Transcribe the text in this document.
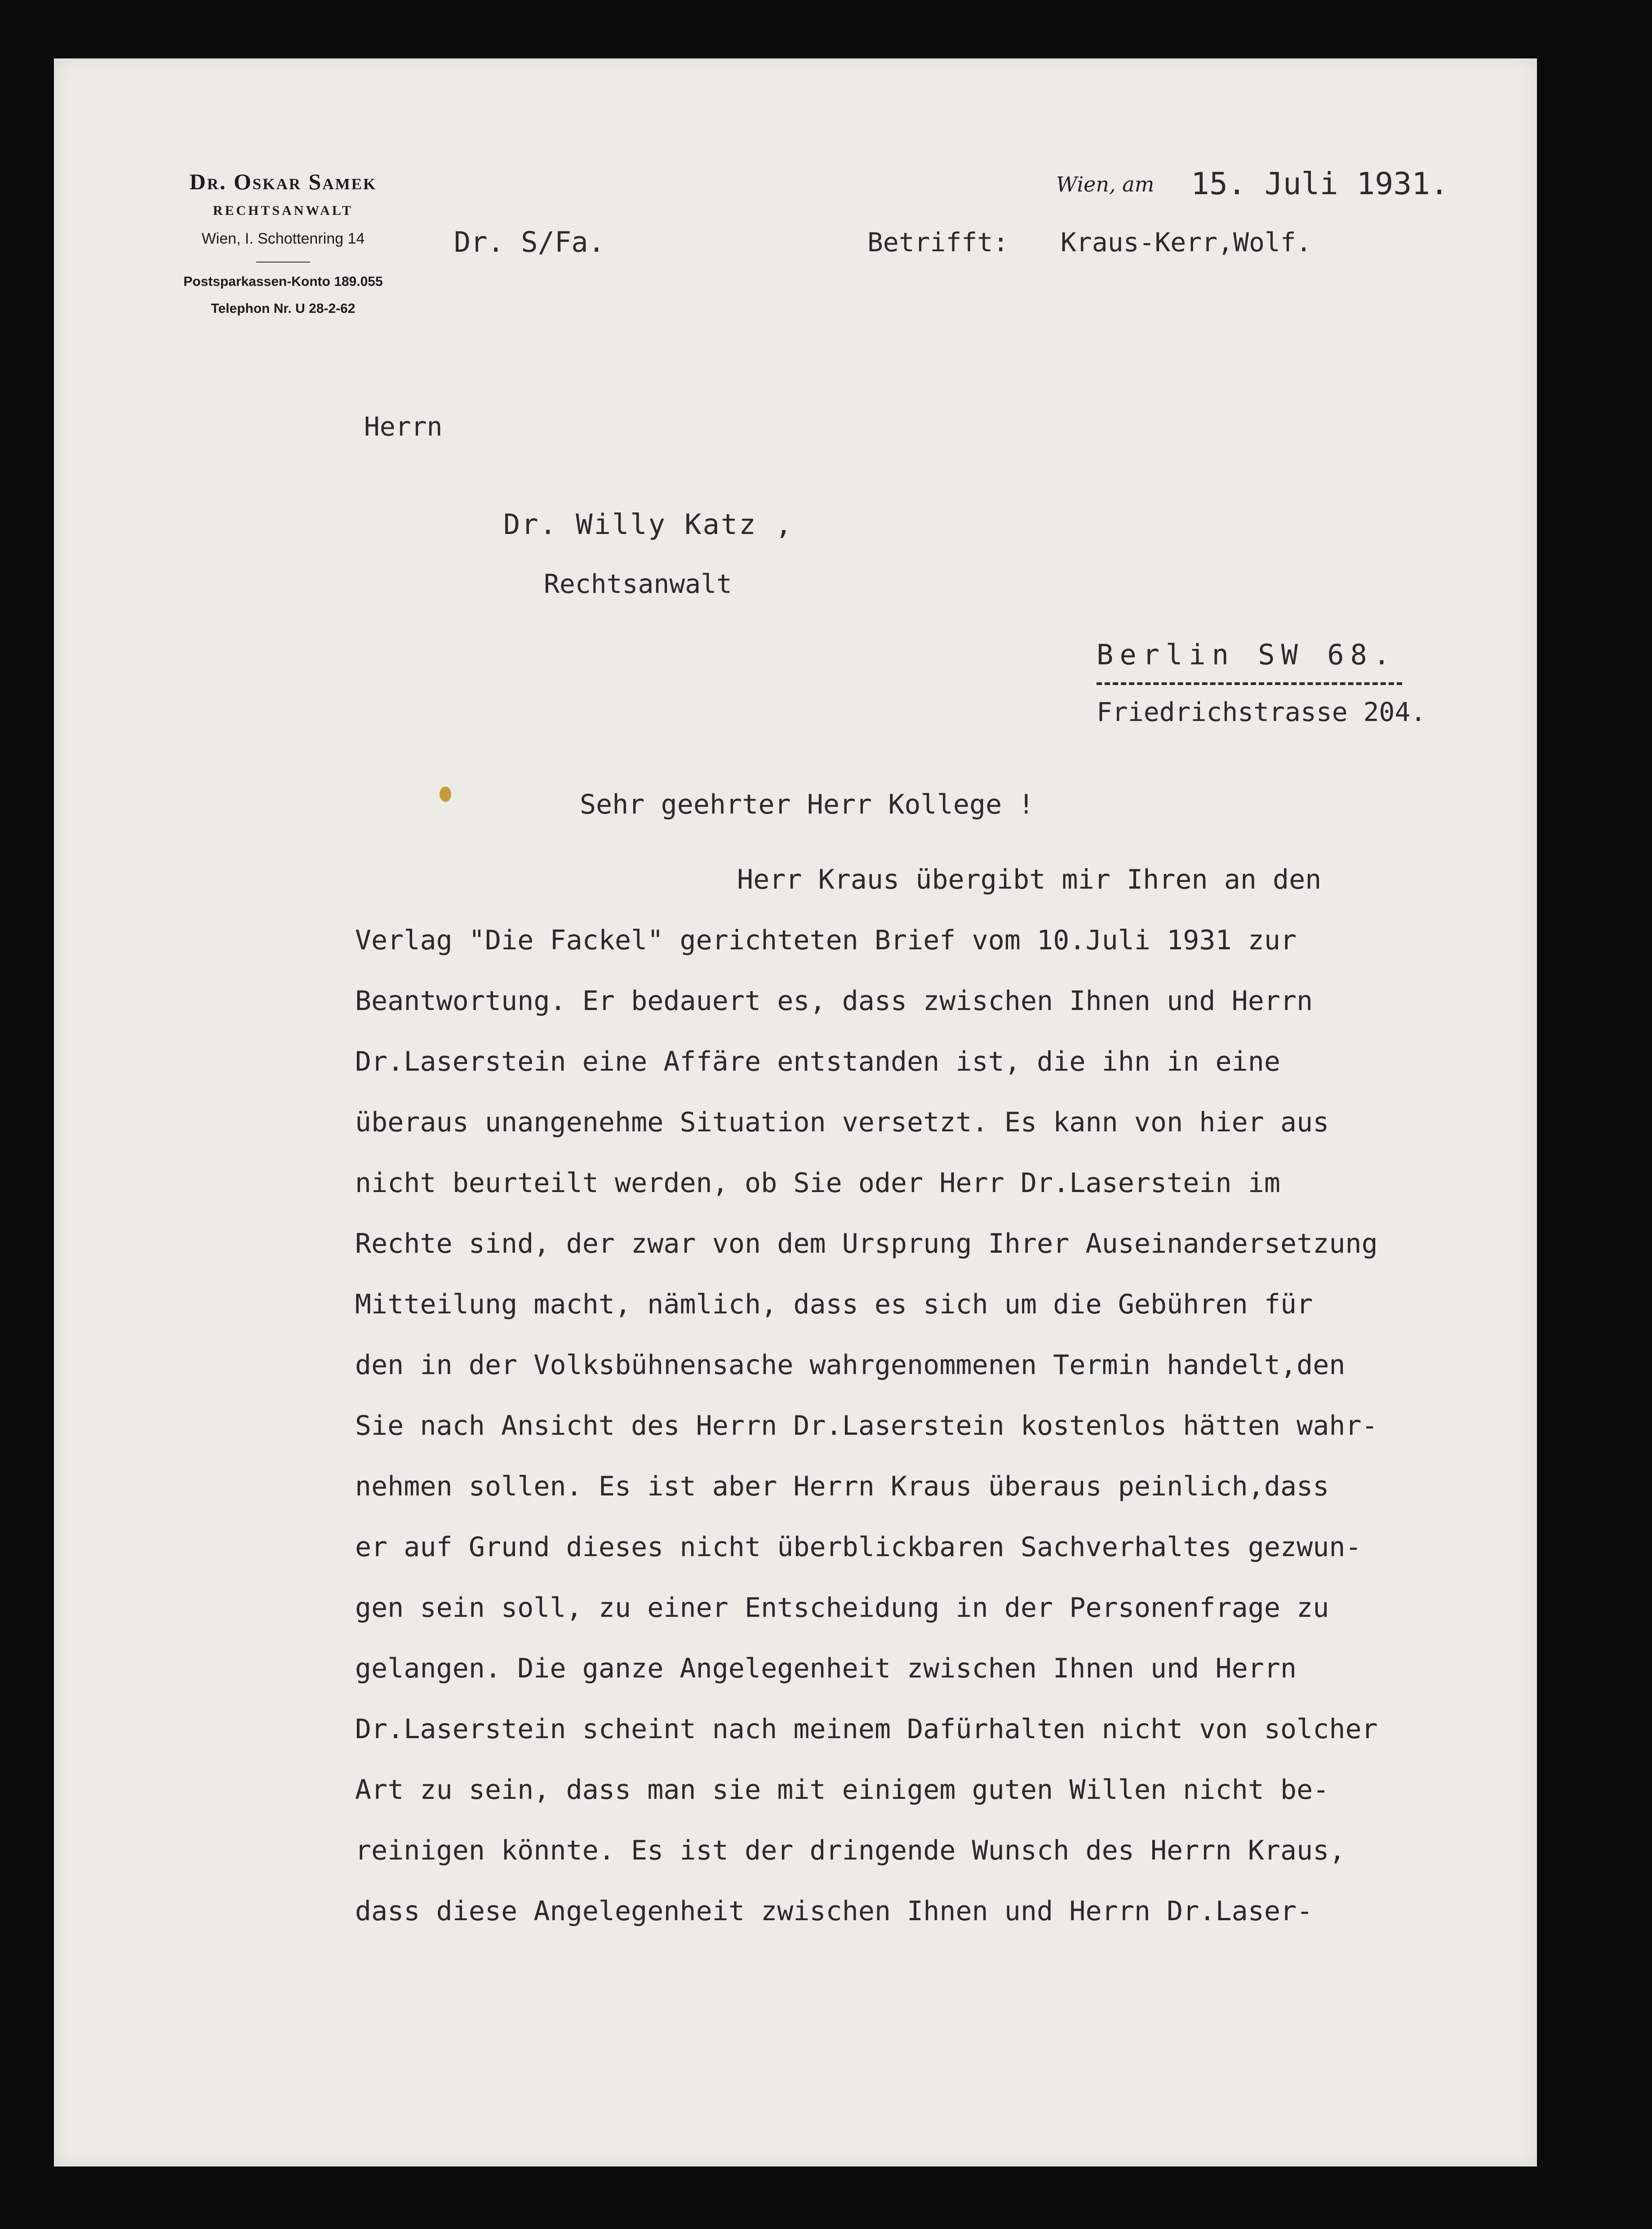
Dr. Oskar Samek
RECHTSANWALT
Wien, I. Schottenring 14
Postsparkassen-Konto 189.055
Telephon Nr. U 28-2-62
Wien, am 15. Juli 1931.
Dr. S/Fa.	Betrifft: Kraus-Kerr,Wolf.
Herrn
Dr. Willy Katz ,
Rechtsanwalt
Berlin SW 68.
Friedrichstrasse 204.
Sehr geehrter Herr Kollege !
Herr Kraus übergibt mir Ihren an den
Verlag "Die Fackel" gerichteten Brief vom 10.Juli 1931 zur
Beantwortung. Er bedauert es, dass zwischen Ihnen und Herrn
Dr.Laserstein eine Affäre entstanden ist, die ihn in eine
überaus unangenehme Situation versetzt. Es kann von hier aus
nicht beurteilt werden, ob Sie oder Herr Dr.Laserstein im
Rechte sind, der zwar von dem Ursprung Ihrer Auseinandersetzung
Mitteilung macht, nämlich, dass es sich um die Gebühren für
den in der Volksbühnensache wahrgenommenen Termin handelt,den
Sie nach Ansicht des Herrn Dr.Laserstein kostenlos hätten wahr-
nehmen sollen. Es ist aber Herrn Kraus überaus peinlich,dass
er auf Grund dieses nicht überblickbaren Sachverhaltes gezwun-
gen sein soll, zu einer Entscheidung in der Personenfrage zu
gelangen. Die ganze Angelegenheit zwischen Ihnen und Herrn
Dr.Laserstein scheint nach meinem Dafürhalten nicht von solcher
Art zu sein, dass man sie mit einigem guten Willen nicht be-
reinigen könnte. Es ist der dringende Wunsch des Herrn Kraus,
dass diese Angelegenheit zwischen Ihnen und Herrn Dr.Laser-
